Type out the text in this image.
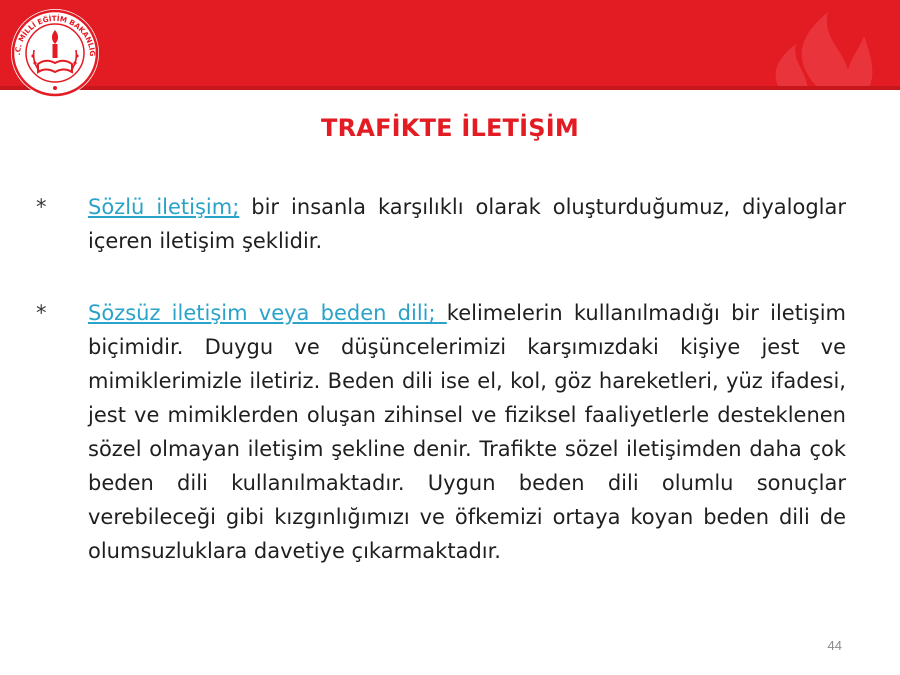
.C. MİLLİ EĞİTİM BAKANLIĞ
TRAFİKTE İLETİŞİM

* Sözlü iletişim; bir insanla karşılıklı olarak oluşturduğumuz, diyaloglar içeren iletişim şeklidir.

* Sözsüz iletişim veya beden dili; kelimelerin kullanılmadığı bir iletişim biçimidir. Duygu ve düşüncelerimizi karşımızdaki kişiye jest ve mimiklerimizle iletiriz. Beden dili ise el, kol, göz hareketleri, yüz ifadesi, jest ve mimiklerden oluşan zihinsel ve fiziksel faaliyetlerle desteklenen sözel olmayan iletişim şekline denir. Trafikte sözel iletişimden daha çok beden dili kullanılmaktadır. Uygun beden dili olumlu sonuçlar verebileceği gibi kızgınlığımızı ve öfkemizi ortaya koyan beden dili de olumsuzluklara davetiye çıkarmaktadır.

44
